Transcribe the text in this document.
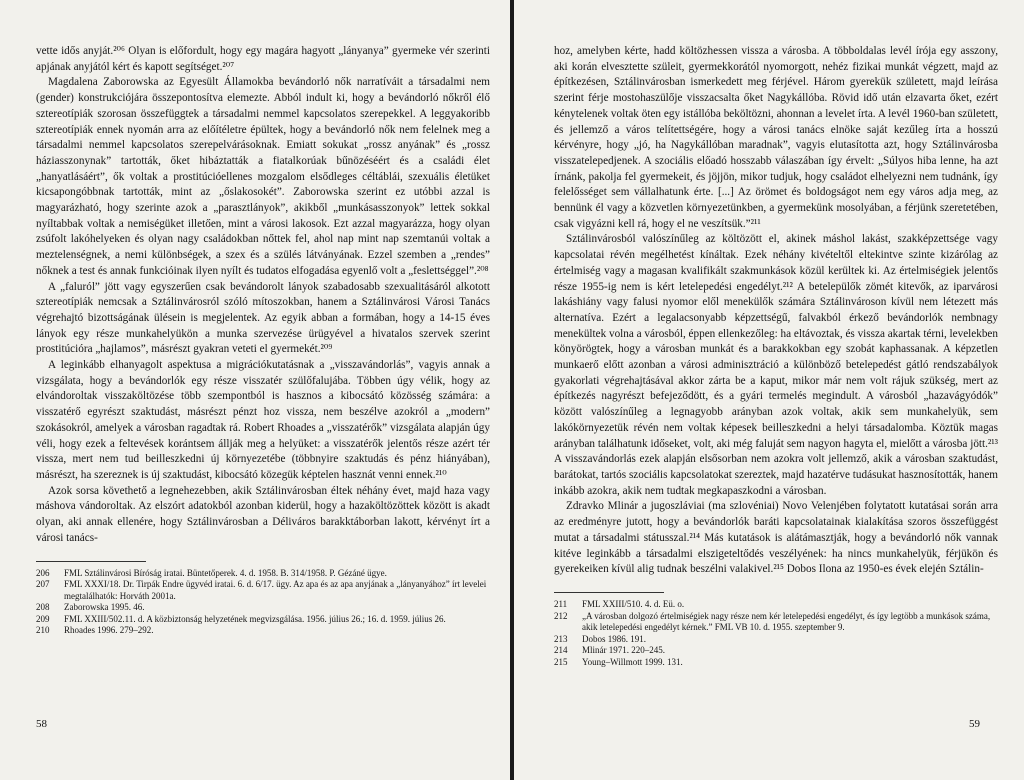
vette idős anyját.²⁰⁶ Olyan is előfordult, hogy egy magára hagyott „lányanya” gyermeke vér szerinti apjának anyjától kért és kapott segítséget.²⁰⁷

Magdalena Zaborowska az Egyesült Államokba bevándorló nők narratíváit a társadalmi nem (gender) konstrukciójára összepontosítva elemezte. Abból indult ki, hogy a bevándorló nőkről élő sztereotípiák szorosan összefüggtek a társadalmi nemmel kapcsolatos szerepekkel. A leggyakoribb sztereotípiák ennek nyomán arra az előítéletre épültek, hogy a bevándorló nők nem felelnek meg a társadalmi nemmel kapcsolatos szerepelvárásoknak. Emiatt sokukat „rossz anyának” és „rossz háziasszonynak” tartották, őket hibáztatták a fiatalkorúak bűnözéséért és a családi élet „hanyatlásáért”, ők voltak a prostitúcióellenes mozgalom elsődleges céltáblái, szexuális életüket kicsapongóbbnak tartották, mint az „őslakosokét”. Zaborowska szerint ez utóbbi azzal is magyarázható, hogy szerinte azok a „parasztlányok”, akikből „munkásasszonyok” lettek sokkal nyíltabbak voltak a nemiségüket illetően, mint a városi lakosok. Ezt azzal magyarázza, hogy olyan zsúfolt lakóhelyeken és olyan nagy családokban nőttek fel, ahol nap mint nap szemtanúi voltak a meztelenségnek, a nemi különbségek, a szex és a szülés látványának. Ezzel szemben a „rendes” nőknek a test és annak funkcióinak ilyen nyílt és tudatos elfogadása egyenlő volt a „feslettséggel”.²⁰⁸

A „faluról” jött vagy egyszerűen csak bevándorolt lányok szabadosabb szexualitásáról alkotott sztereotípiák nemcsak a Sztálinvárosról szóló mítoszokban, hanem a Sztálinvárosi Városi Tanács végrehajtó bizottságának ülésein is megjelentek. Az egyik abban a formában, hogy a 14-15 éves lányok egy része munkahelyükön a munka szervezése ürügyével a hivatalos szervek szerint prostitúcióra „hajlamos”, másrészt gyakran veteti el gyermekét.²⁰⁹

A leginkább elhanyagolt aspektusa a migrációkutatásnak a „visszavándorlás”, vagyis annak a vizsgálata, hogy a bevándorlók egy része visszatér szülőfalujába. Többen úgy vélik, hogy az elvándoroltak visszaköltözése több szempontból is hasznos a kibocsátó közösség számára: a visszatérő egyrészt szaktudást, másrészt pénzt hoz vissza, nem beszélve azokról a „modern” szokásokról, amelyek a városban ragadtak rá. Robert Rhoades a „visszatérők” vizsgálata alapján úgy véli, hogy ezek a feltevések korántsem állják meg a helyüket: a visszatérők jelentős része azért tér vissza, mert nem tud beilleszkedni új környezetébe (többnyire szaktudás és pénz hiányában), másrészt, ha szereznek is új szaktudást, kibocsátó közegük képtelen hasznát venni ennek.²¹⁰

Azok sorsa követhető a legnehezebben, akik Sztálinvárosban éltek néhány évet, majd haza vagy máshova vándoroltak. Az elszórt adatokból azonban kiderül, hogy a hazaköltözöttek között is akadt olyan, aki annak ellenére, hogy Sztálinvárosban a Déliváros barakktáborban lakott, kérvényt írt a városi tanács-

206	FML Sztálinvárosi Bíróság iratai. Büntetőperek. 4. d. 1958. B. 314/1958. P. Gézáné ügye.
207	FML XXXI/18. Dr. Tirpák Endre ügyvéd iratai. 6. d. 6/17. ügy. Az apa és az apa anyjának a „lányanyához” írt levelei megtalálhatók: Horváth 2001a.
208	Zaborowska 1995. 46.
209	FML XXIII/502.11. d. A közbiztonság helyzetének megvizsgálása. 1956. július 26.; 16. d. 1959. július 26.
210	Rhoades 1996. 279–292.
58

hoz, amelyben kérte, hadd költözhessen vissza a városba. A többoldalas levél írója egy asszony, aki korán elvesztette szüleit, gyermekkorától nyomorgott, nehéz fizikai munkát végzett, majd az építkezésen, Sztálinvárosban ismerkedett meg férjével. Három gyerekük született, majd leírása szerint férje mostohaszülője visszacsalta őket Nagykállóba. Rövid idő után elzavarta őket, ezért kénytelenek voltak öten egy istállóba beköltözni, ahonnan a levelet írta. A levél 1960-ban született, és jellemző a város telítettségére, hogy a városi tanács elnöke saját kezűleg írta a hosszú kérvényre, hogy „jó, ha Nagykállóban maradnak”, vagyis elutasította azt, hogy Sztálinvárosba visszatelepedjenek. A szociális előadó hosszabb válaszában így érvelt: „Súlyos hiba lenne, ha azt írnánk, pakolja fel gyermekeit, és jöjjön, mikor tudjuk, hogy családot elhelyezni nem tudnánk, így felelősséget sem vállalhatunk érte. [...] Az örömet és boldogságot nem egy város adja meg, az bennünk él vagy a közvetlen környezetünkben, a gyermekünk mosolyában, a férjünk szeretetében, csak vigyázni kell rá, hogy el ne veszítsük.”²¹¹

Sztálinvárosból valószínűleg az költözött el, akinek máshol lakást, szakképzettsége vagy kapcsolatai révén megélhetést kínáltak. Ezek néhány kivételtől eltekintve szinte kizárólag az értelmiség vagy a magasan kvalifikált szakmunkások közül kerültek ki. Az értelmiségiek jelentős része 1955-ig nem is kért letelepedési engedélyt.²¹² A betelepülők zömét kitevők, az iparvárosi lakáshiány vagy falusi nyomor elől menekülők számára Sztálinvároson kívül nem létezett más alternatíva. Ezért a legalacsonyabb képzettségű, falvakból érkező bevándorlók nembnagy menekültek volna a városból, éppen ellenkezőleg: ha eltávoztak, és vissza akartak térni, levelekben könyörögtek, hogy a városban munkát és a barakkokban egy szobát kaphassanak. A képzetlen munkaerő előtt azonban a városi adminisztráció a különböző betelepedést gátló rendszabályok gyakorlati végrehajtásával akkor zárta be a kaput, mikor már nem volt rájuk szükség, mert az építkezés nagyrészt befejeződött, és a gyári termelés megindult. A városból „hazavágyódók” között valószínűleg a legnagyobb arányban azok voltak, akik sem munkahelyük, sem lakókörnyezetük révén nem voltak képesek beilleszkedni a helyi társadalomba. Köztük magas arányban találhatunk időseket, volt, aki még faluját sem nagyon hagyta el, mielőtt a városba jött.²¹³ A visszavándorlás ezek alapján elsősorban nem azokra volt jellemző, akik a városban szaktudást, barátokat, tartós szociális kapcsolatokat szereztek, majd hazatérve tudásukat hasznosították, hanem inkább azokra, akik nem tudtak megkapaszkodni a városban.

Zdravko Mlinár a jugoszláviai (ma szlovéniai) Novo Velenjében folytatott kutatásai során arra az eredményre jutott, hogy a bevándorlók baráti kapcsolatainak kialakítása szoros összefüggést mutat a társadalmi státusszal.²¹⁴ Más kutatások is alátámasztják, hogy a bevándorló nők vannak kitéve leginkább a társadalmi elszigeteltődés veszélyének: ha nincs munkahelyük, férjükön és gyerekeiken kívül alig tudnak beszélni valakivel.²¹⁵ Dobos Ilona az 1950-es évek elején Sztálin-

211	FML XXIII/510. 4. d. Eü. o.
212	„A városban dolgozó értelmiségiek nagy része nem kér letelepedési engedélyt, és így legtöbb a munkások száma, akik letelepedési engedélyt kérnek.” FML VB 10. d. 1955. szeptember 9.
213	Dobos 1986. 191.
214	Mlinár 1971. 220–245.
215	Young–Willmott 1999. 131.
59
